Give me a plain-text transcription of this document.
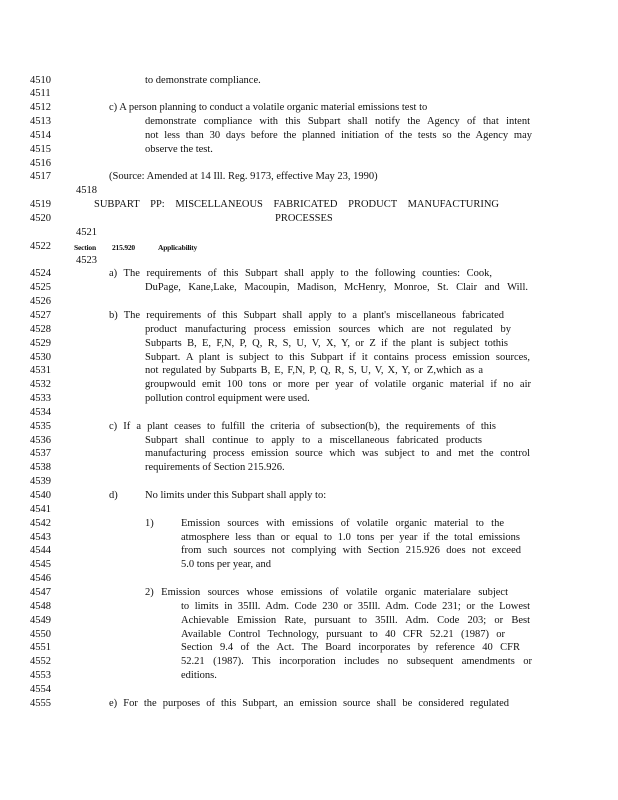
4510	to demonstrate compliance.
4511
4512	c) A person planning to conduct a volatile organic material emissions test to
4513	demonstrate compliance with this Subpart shall notify the Agency of that intent
4514	not less than 30 days before the planned initiation of the tests so the Agency may
4515	observe the test.
4516
4517	(Source: Amended at 14 Ill. Reg. 9173, effective May 23, 1990)
4518
4519	SUBPART PP: MISCELLANEOUS FABRICATED PRODUCT MANUFACTURING
4520	PROCESSES
4521
4522	Section 215.920	Applicability
4523
4524	a) The requirements of this Subpart shall apply to the following counties: Cook,
4525	DuPage, Kane,Lake, Macoupin, Madison, McHenry, Monroe, St. Clair and Will.
4526
4527	b) The requirements of this Subpart shall apply to a plant's miscellaneous fabricated
4528	product manufacturing process emission sources which are not regulated by
4529	Subparts B, E, F,N, P, Q, R, S, U, V, X, Y, or Z if the plant is subject tothis
4530	Subpart. A plant is subject to this Subpart if it contains process emission sources,
4531	not regulated by Subparts B, E, F,N, P, Q, R, S, U, V, X, Y, or Z,which as a
4532	groupwould emit 100 tons or more per year of volatile organic material if no air
4533	pollution control equipment were used.
4534
4535	c) If a plant ceases to fulfill the criteria of subsection(b), the requirements of this
4536	Subpart shall continue to apply to a miscellaneous fabricated products
4537	manufacturing process emission source which was subject to and met the control
4538	requirements of Section 215.926.
4539
4540	No limits under this Subpart shall apply to:
d)
4541
4542	Emission sources with emissions of volatile organic material to the
1)
4543	atmosphere less than or equal to 1.0 tons per year if the total emissions
4544	from such sources not complying with Section 215.926 does not exceed
4545	5.0 tons per year, and
4546
4547	2) Emission sources whose emissions of volatile organic materialare subject
4548	to limits in 35Ill. Adm. Code 230 or 35Ill. Adm. Code 231; or the Lowest
4549	Achievable Emission Rate, pursuant to 35Ill. Adm. Code 203; or Best
4550	Available Control Technology, pursuant to 40 CFR 52.21 (1987) or
4551	Section 9.4 of the Act. The Board incorporates by reference 40 CFR
4552	52.21 (1987). This incorporation includes no subsequent amendments or
4553	editions.
4554
4555	e) For the purposes of this Subpart, an emission source shall be considered regulated
